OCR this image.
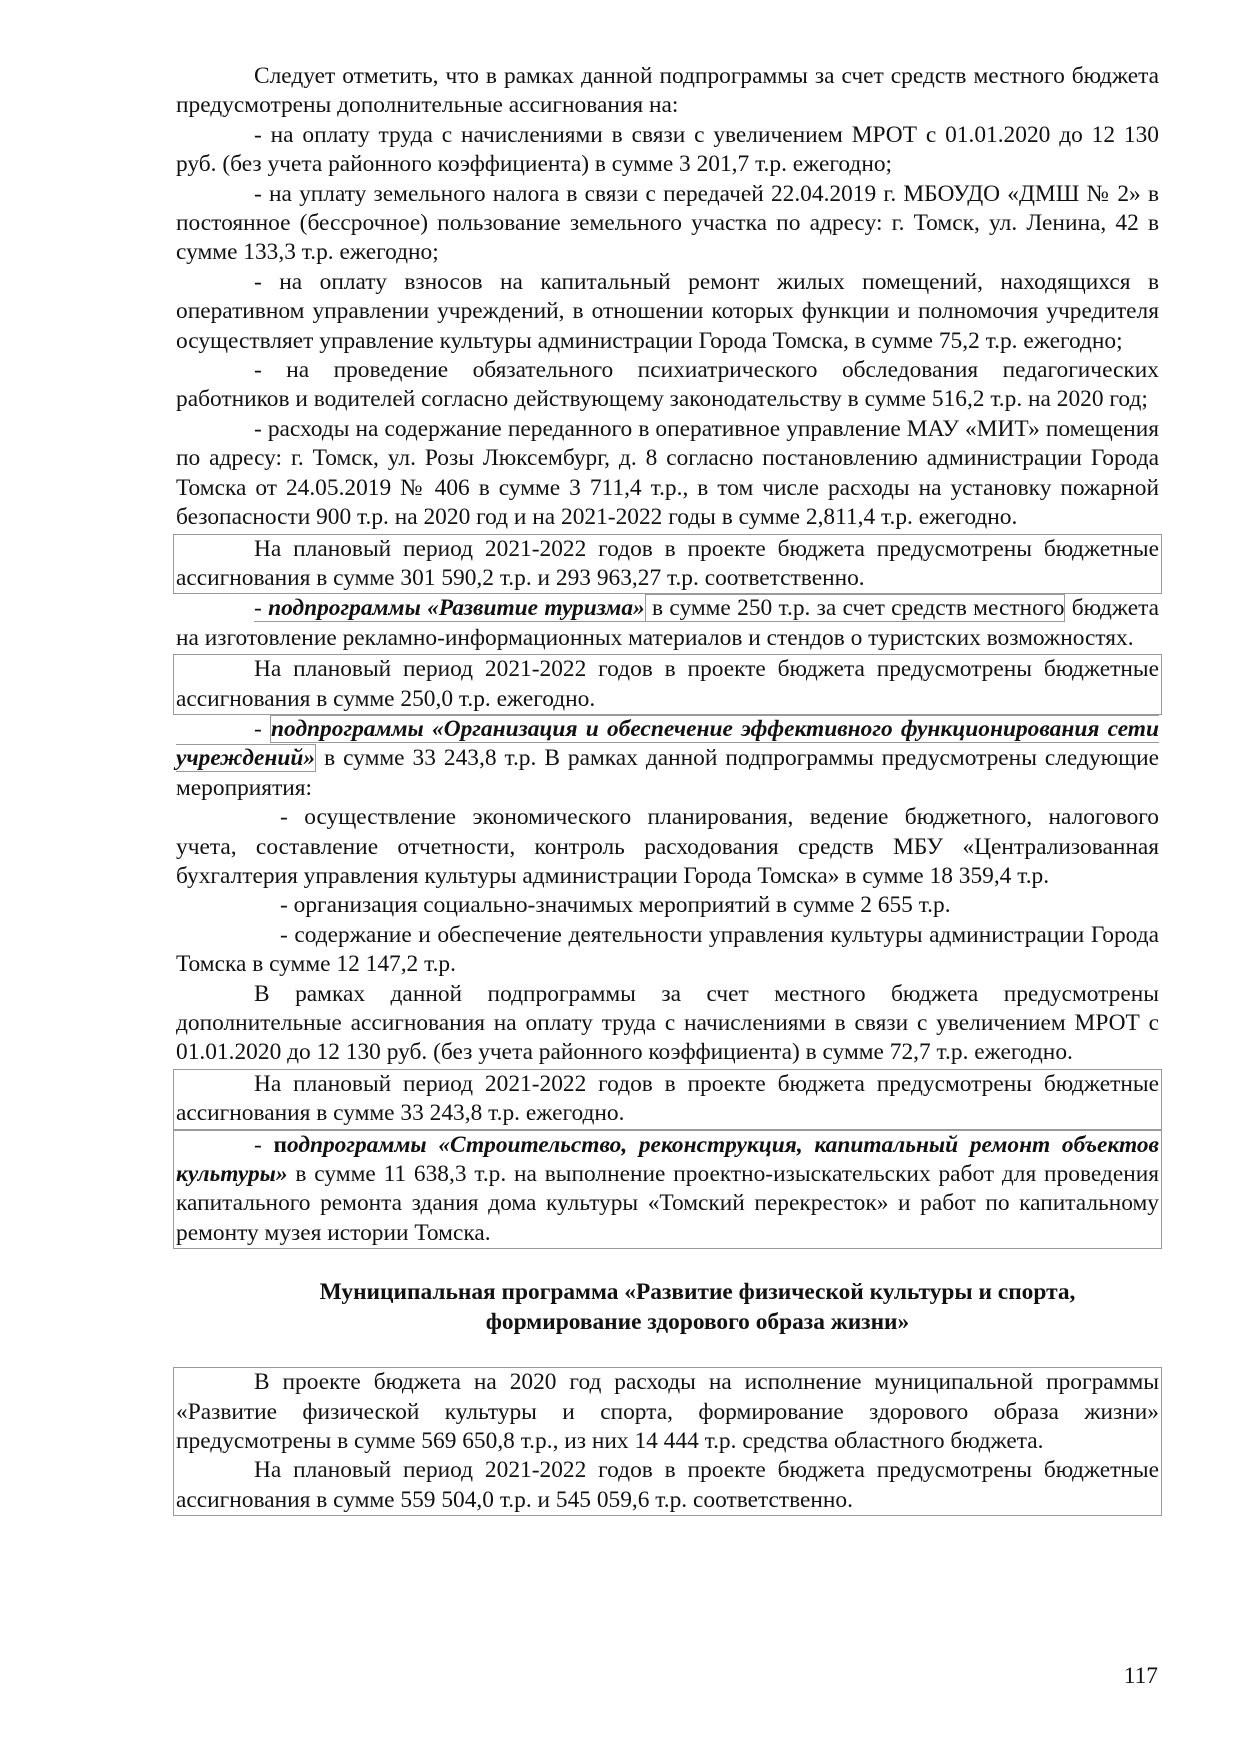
Следует отметить, что в рамках данной подпрограммы за счет средств местного бюджета предусмотрены дополнительные ассигнования на:

- на оплату труда с начислениями в связи с увеличением МРОТ с 01.01.2020 до 12 130 руб. (без учета районного коэффициента) в сумме 3 201,7 т.р. ежегодно;

- на уплату земельного налога в связи с передачей 22.04.2019 г. МБОУДО «ДМШ № 2» в постоянное (бессрочное) пользование земельного участка по адресу: г. Томск, ул. Ленина, 42 в сумме 133,3 т.р. ежегодно;

- на оплату взносов на капитальный ремонт жилых помещений, находящихся в оперативном управлении учреждений, в отношении которых функции и полномочия учредителя осуществляет управление культуры администрации Города Томска, в сумме 75,2 т.р. ежегодно;

- на проведение обязательного психиатрического обследования педагогических работников и водителей согласно действующему законодательству в сумме 516,2 т.р. на 2020 год;

- расходы на содержание переданного в оперативное управление МАУ «МИТ» помещения по адресу: г. Томск, ул. Розы Люксембург, д. 8 согласно постановлению администрации Города Томска от 24.05.2019 № 406 в сумме 3 711,4 т.р., в том числе расходы на установку пожарной безопасности 900 т.р. на 2020 год и на 2021-2022 годы в сумме 2,811,4 т.р. ежегодно.

На плановый период 2021-2022 годов в проекте бюджета предусмотрены бюджетные ассигнования в сумме 301 590,2 т.р. и 293 963,27 т.р. соответственно.

- подпрограммы «Развитие туризма» в сумме 250 т.р. за счет средств местного бюджета на изготовление рекламно-информационных материалов и стендов о туристских возможностях.

На плановый период 2021-2022 годов в проекте бюджета предусмотрены бюджетные ассигнования в сумме 250,0 т.р. ежегодно.

- подпрограммы «Организация и обеспечение эффективного функционирования сети учреждений» в сумме 33 243,8 т.р. В рамках данной подпрограммы предусмотрены следующие мероприятия:

- осуществление экономического планирования, ведение бюджетного, налогового учета, составление отчетности, контроль расходования средств МБУ «Централизованная бухгалтерия управления культуры администрации Города Томска» в сумме 18 359,4 т.р.

- организация социально-значимых мероприятий в сумме 2 655 т.р.

- содержание и обеспечение деятельности управления культуры администрации Города Томска в сумме 12 147,2 т.р.

В рамках данной подпрограммы за счет местного бюджета предусмотрены дополнительные ассигнования на оплату труда с начислениями в связи с увеличением МРОТ с 01.01.2020 до 12 130 руб. (без учета районного коэффициента) в сумме 72,7 т.р. ежегодно.

На плановый период 2021-2022 годов в проекте бюджета предусмотрены бюджетные ассигнования в сумме 33 243,8 т.р. ежегодно.

- подпрограммы «Строительство, реконструкция, капитальный ремонт объектов культуры» в сумме 11 638,3 т.р. на выполнение проектно-изыскательских работ для проведения капитального ремонта здания дома культуры «Томский перекресток» и работ по капитальному ремонту музея истории Томска.

Муниципальная программа «Развитие физической культуры и спорта,
формирование здорового образа жизни»

В проекте бюджета на 2020 год расходы на исполнение муниципальной программы «Развитие физической культуры и спорта, формирование здорового образа жизни» предусмотрены в сумме 569 650,8 т.р., из них 14 444 т.р. средства областного бюджета.

На плановый период 2021-2022 годов в проекте бюджета предусмотрены бюджетные ассигнования в сумме 559 504,0 т.р. и 545 059,6 т.р. соответственно.

117
